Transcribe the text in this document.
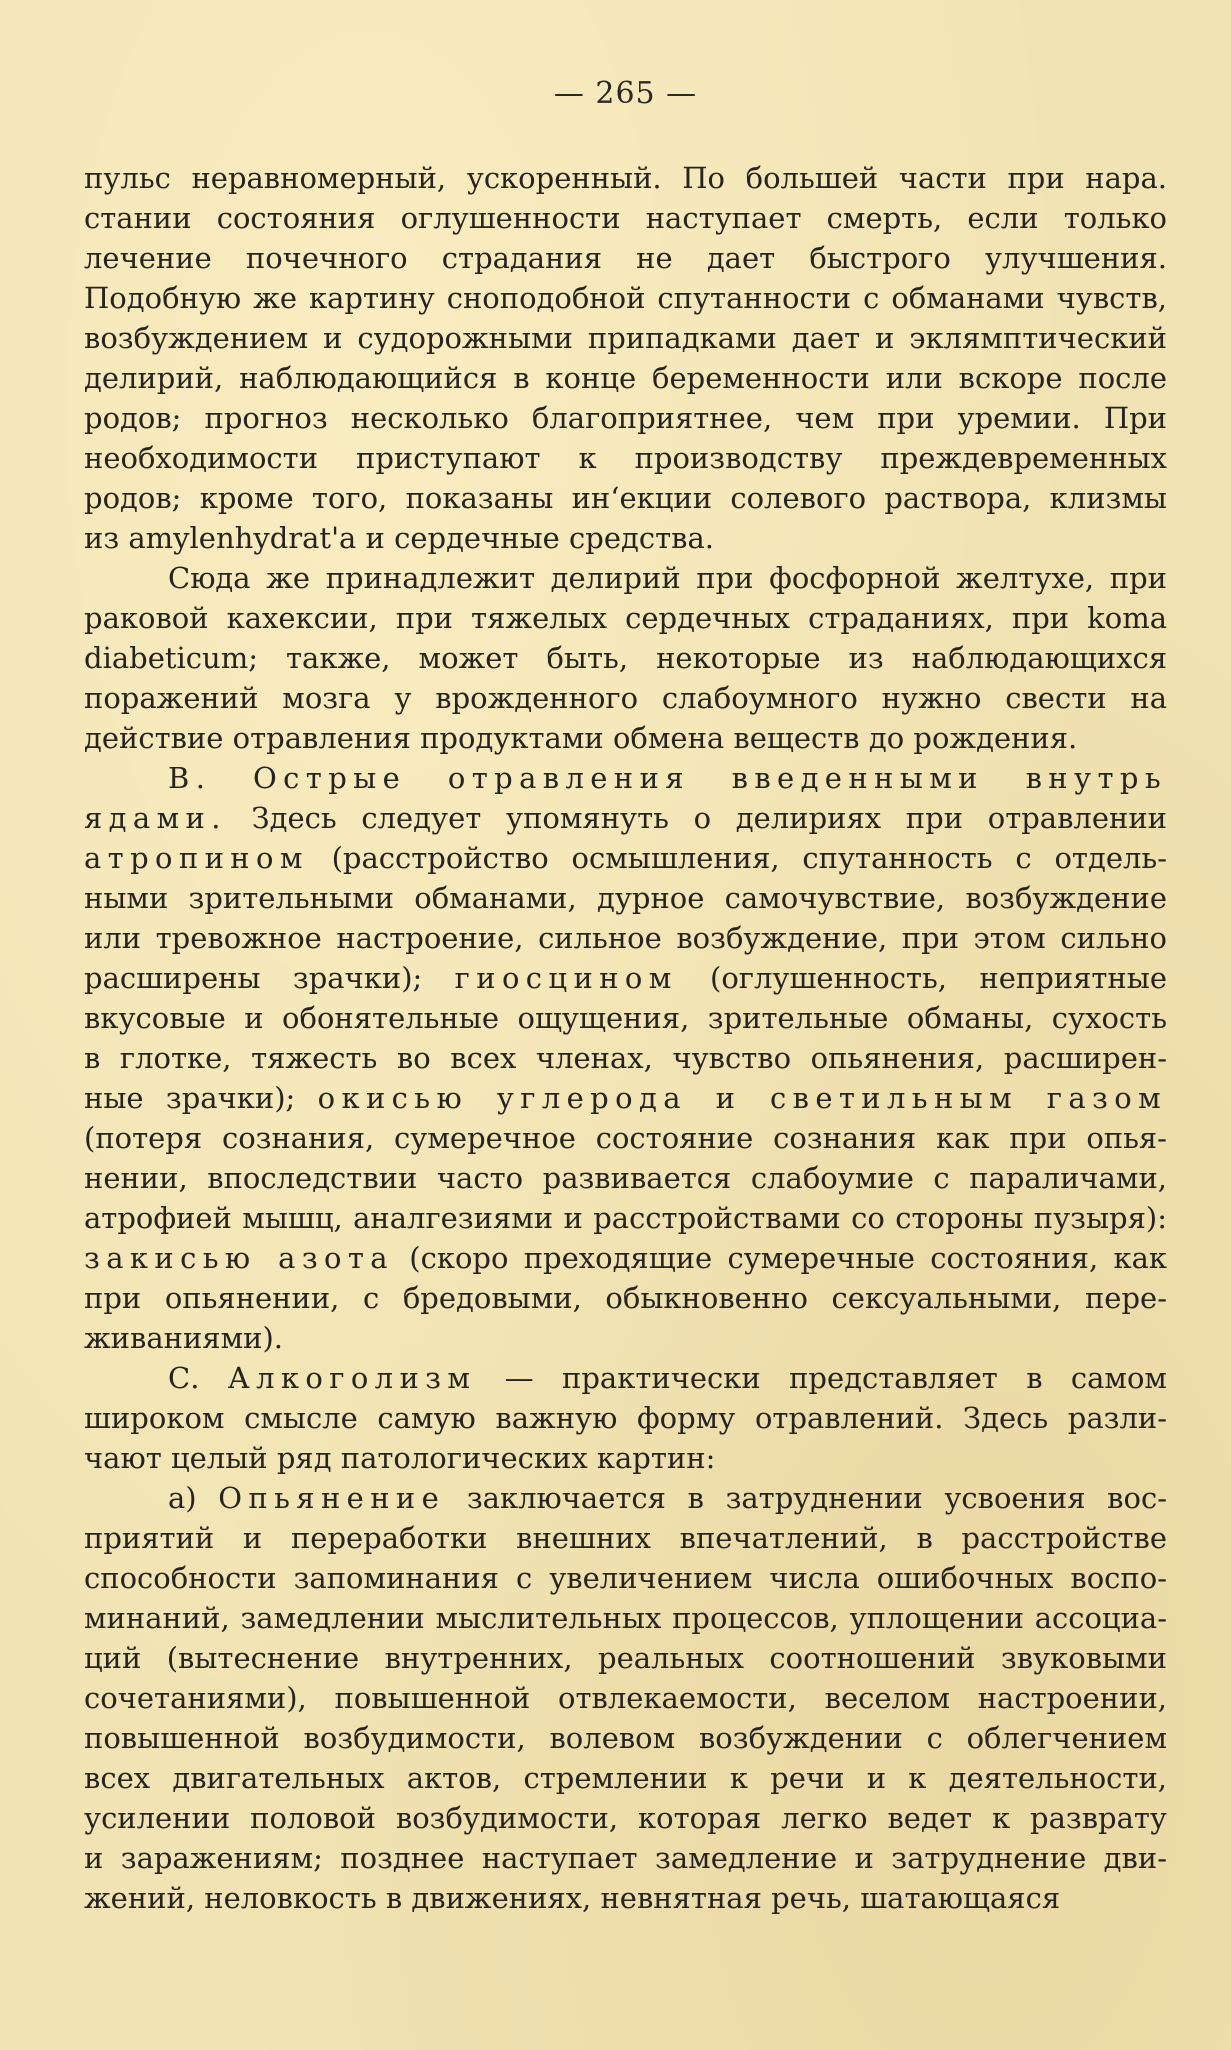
— 265 —
пульс неравномерный, ускоренный. По большей части при нара.
стании состояния оглушенности наступает смерть, если только
лечение почечного страдания не дает быстрого улучшения.
Подобную же картину сноподобной спутанности с обманами чувств,
возбуждением и судорожными припадками дает и эклямптический
делирий, наблюдающийся в конце беременности или вскоре после
родов; прогноз несколько благоприятнее, чем при уремии. При
необходимости приступают к производству преждевременных
родов; кроме того, показаны ин‘екции солевого раствора, клизмы
из amylenhydrat'a и сердечные средства.
Сюда же принадлежит делирий при фосфорной желтухе, при
раковой кахексии, при тяжелых сердечных страданиях, при koma
diabeticum; также, может быть, некоторые из наблюдающихся
поражений мозга у врожденного слабоумного нужно свести на
действие отравления продуктами обмена веществ до рождения.
В. Острые отравления введенными внутрь
ядами. Здесь следует упомянуть о делириях при отравлении
атропином (расстройство осмышления, спутанность с отдель-
ными зрительными обманами, дурное самочувствие, возбуждение
или тревожное настроение, сильное возбуждение, при этом сильно
расширены зрачки); гиосцином (оглушенность, неприятные
вкусовые и обонятельные ощущения, зрительные обманы, сухость
в глотке, тяжесть во всех членах, чувство опьянения, расширен-
ные зрачки); окисью углерода и светильным газом
(потеря сознания, сумеречное состояние сознания как при опья-
нении, впоследствии часто развивается слабоумие с параличами,
атрофией мышц, аналгезиями и расстройствами со стороны пузыря):
закисью азота (скоро преходящие сумеречные состояния, как
при опьянении, с бредовыми, обыкновенно сексуальными, пере-
живаниями).
С. Алкоголизм — практически представляет в самом
широком смысле самую важную форму отравлений. Здесь разли-
чают целый ряд патологических картин:
а) Опьянение заключается в затруднении усвоения вос-
приятий и переработки внешних впечатлений, в расстройстве
способности запоминания с увеличением числа ошибочных воспо-
минаний, замедлении мыслительных процессов, уплощении ассоциа-
ций (вытеснение внутренних, реальных соотношений звуковыми
сочетаниями), повышенной отвлекаемости, веселом настроении,
повышенной возбудимости, волевом возбуждении с облегчением
всех двигательных актов, стремлении к речи и к деятельности,
усилении половой возбудимости, которая легко ведет к разврату
и заражениям; позднее наступает замедление и затруднение дви-
жений, неловкость в движениях, невнятная речь, шатающаяся
